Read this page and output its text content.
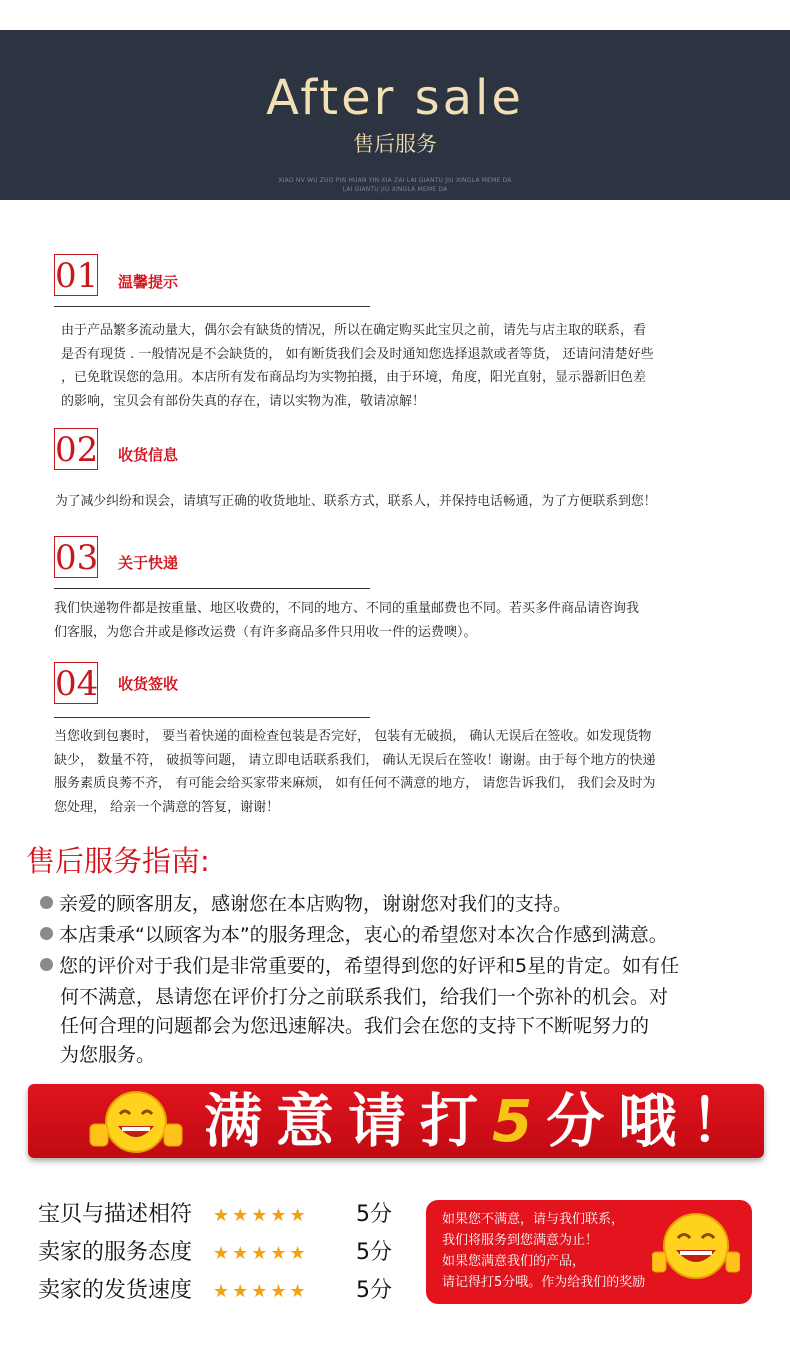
After sale
售后服务
XIAO NV WU ZUO PIN HUAN YIN XIA ZAI LAI GIANTU JIU XINGLA MEME DA
LAI GIANTU JIU XINGLA MEME DA
01 温馨提示
由于产品繁多流动量大，偶尔会有缺货的情况，所以在确定购买此宝贝之前，请先与店主取的联系，看
是否有现货 . 一般情况是不会缺货的， 如有断货我们会及时通知您选择退款或者等货， 还请问清楚好些
，已免耽误您的急用。本店所有发布商品均为实物拍摄，由于环境，角度，阳光直射，显示器新旧色差
的影响，宝贝会有部份失真的存在，请以实物为准，敬请凉解！
02 收货信息
为了减少纠纷和误会，请填写正确的收货地址、联系方式，联系人，并保持电话畅通，为了方便联系到您！
03 关于快递
我们快递物件都是按重量、地区收费的，不同的地方、不同的重量邮费也不同。若买多件商品请咨询我
们客服，为您合并或是修改运费（有许多商品多件只用收一件的运费噢）。
04 收货签收
当您收到包裹时， 要当着快递的面检查包装是否完好， 包装有无破损， 确认无误后在签收。如发现货物
缺少， 数量不符， 破损等问题， 请立即电话联系我们， 确认无误后在签收！谢谢。由于每个地方的快递
服务素质良莠不齐， 有可能会给买家带来麻烦， 如有任何不满意的地方， 请您告诉我们， 我们会及时为
您处理， 给亲一个满意的答复，谢谢！
售后服务指南:
亲爱的顾客朋友，感谢您在本店购物，谢谢您对我们的支持。
本店秉承“以顾客为本”的服务理念，衷心的希望您对本次合作感到满意。
您的评价对于我们是非常重要的，希望得到您的好评和5星的肯定。如有任
何不满意，恳请您在评价打分之前联系我们，给我们一个弥补的机会。对
任何合理的问题都会为您迅速解决。我们会在您的支持下不断呢努力的
为您服务。
满意请打5分哦！
宝贝与描述相符 ★★★★★ 5分
卖家的服务态度 ★★★★★ 5分
卖家的发货速度 ★★★★★ 5分
如果您不满意，请与我们联系，
我们将服务到您满意为止！
如果您满意我们的产品，
请记得打5分哦。作为给我们的奖励
